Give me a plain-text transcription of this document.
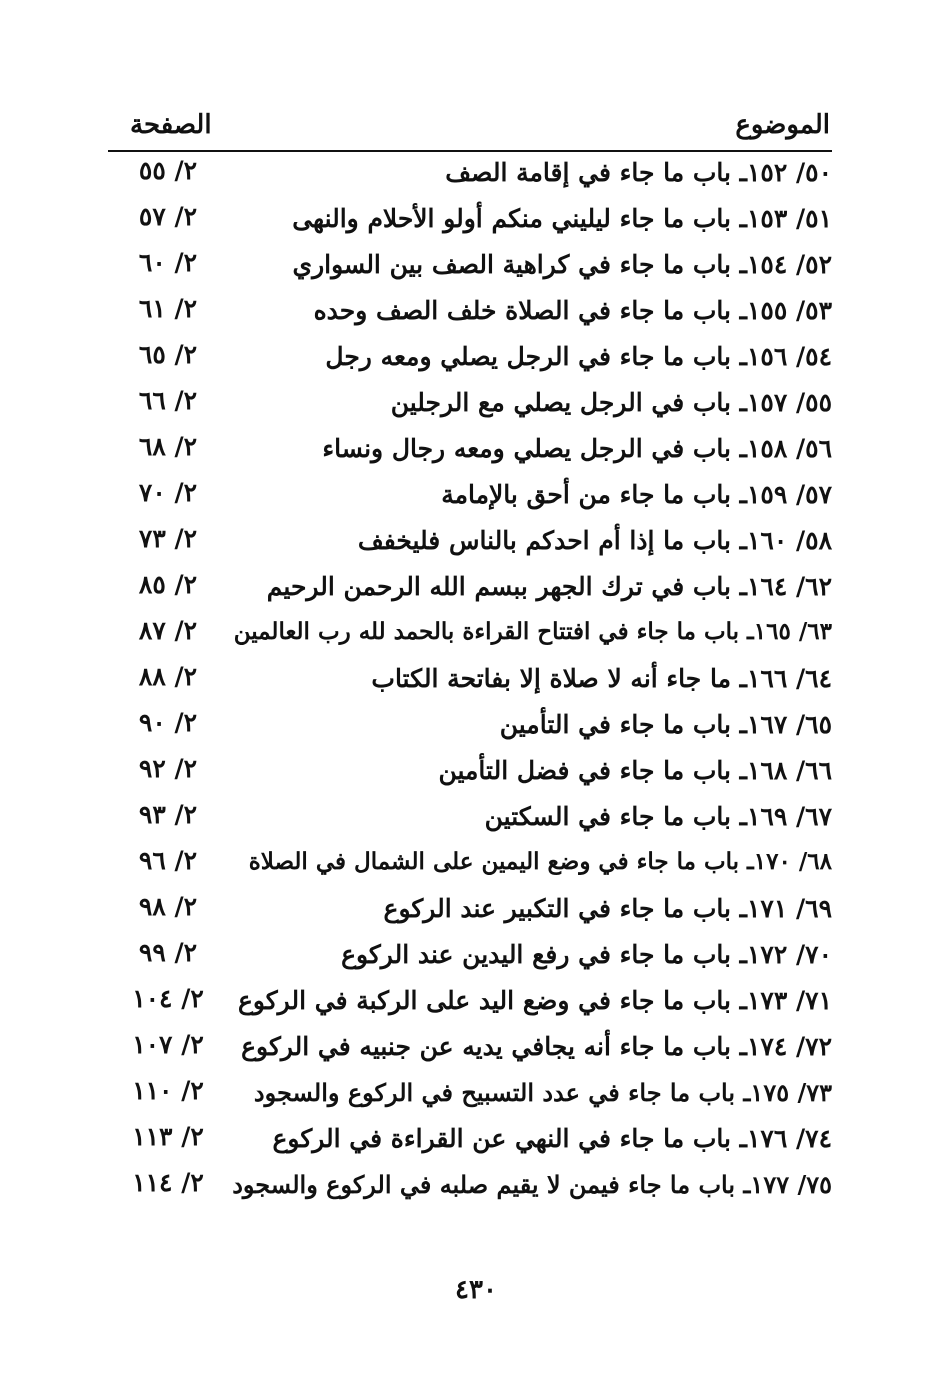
الموضوع
الصفحة
٥٠/ ١٥٢ـ باب ما جاء في إقامة الصف
٢/ ٥٥
٥١/ ١٥٣ـ باب ما جاء ليليني منكم أولو الأحلام والنهى
٢/ ٥٧
٥٢/ ١٥٤ـ باب ما جاء في كراهية الصف بين السواري
٢/ ٦٠
٥٣/ ١٥٥ـ باب ما جاء في الصلاة خلف الصف وحده
٢/ ٦١
٥٤/ ١٥٦ـ باب ما جاء في الرجل يصلي ومعه رجل
٢/ ٦٥
٥٥/ ١٥٧ـ باب في الرجل يصلي مع الرجلين
٢/ ٦٦
٥٦/ ١٥٨ـ باب في الرجل يصلي ومعه رجال ونساء
٢/ ٦٨
٥٧/ ١٥٩ـ باب ما جاء من أحق بالإمامة
٢/ ٧٠
٥٨/ ١٦٠ـ باب ما إذا أم احدكم بالناس فليخفف
٢/ ٧٣
٦٢/ ١٦٤ـ باب في ترك الجهر ببسم الله الرحمن الرحيم
٢/ ٨٥
٦٣/ ١٦٥ـ باب ما جاء في افتتاح القراءة بالحمد لله رب العالمين
٢/ ٨٧
٦٤/ ١٦٦ـ ما جاء أنه لا صلاة إلا بفاتحة الكتاب
٢/ ٨٨
٦٥/ ١٦٧ـ باب ما جاء في التأمين
٢/ ٩٠
٦٦/ ١٦٨ـ باب ما جاء في فضل التأمين
٢/ ٩٢
٦٧/ ١٦٩ـ باب ما جاء في السكتين
٢/ ٩٣
٦٨/ ١٧٠ـ باب ما جاء في وضع اليمين على الشمال في الصلاة
٢/ ٩٦
٦٩/ ١٧١ـ باب ما جاء في التكبير عند الركوع
٢/ ٩٨
٧٠/ ١٧٢ـ باب ما جاء في رفع اليدين عند الركوع
٢/ ٩٩
٧١/ ١٧٣ـ باب ما جاء في وضع اليد على الركبة في الركوع
٢/ ١٠٤
٧٢/ ١٧٤ـ باب ما جاء أنه يجافي يديه عن جنبيه في الركوع
٢/ ١٠٧
٧٣/ ١٧٥ـ باب ما جاء في عدد التسبيح في الركوع والسجود
٢/ ١١٠
٧٤/ ١٧٦ـ باب ما جاء في النهي عن القراءة في الركوع
٢/ ١١٣
٧٥/ ١٧٧ـ باب ما جاء فيمن لا يقيم صلبه في الركوع والسجود
٢/ ١١٤
٤٣٠
